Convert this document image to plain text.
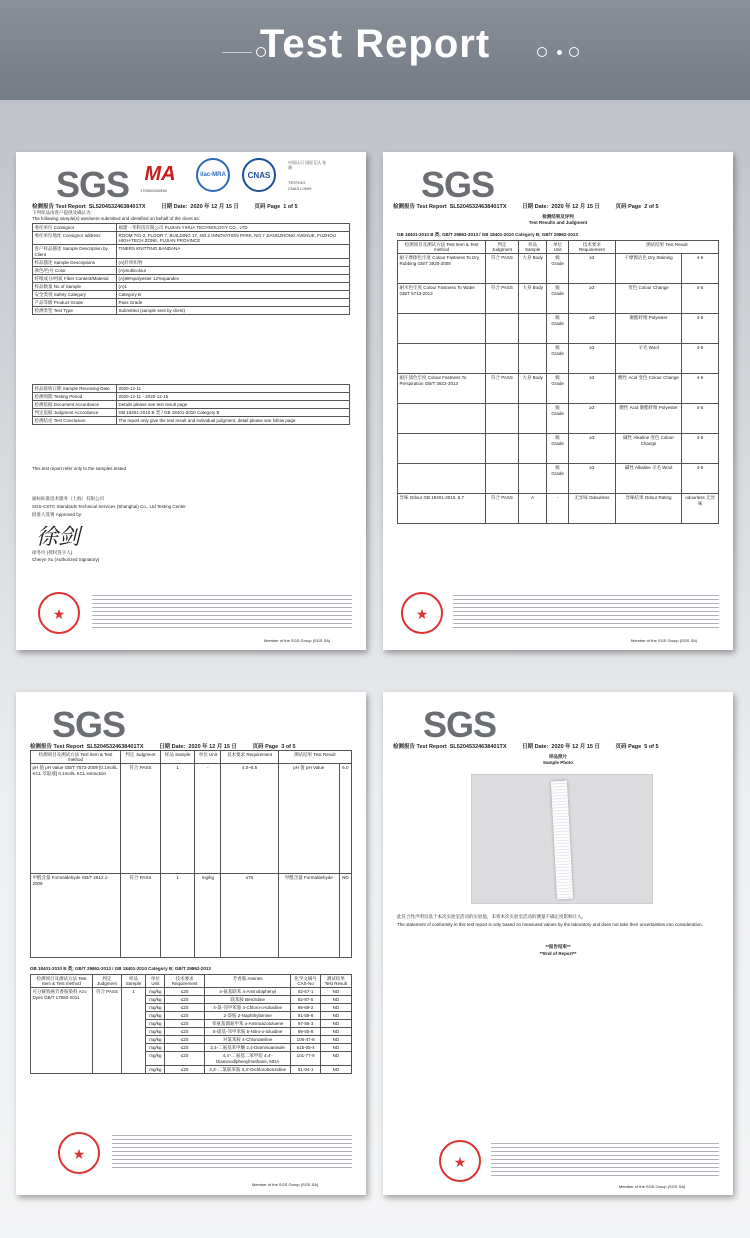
Test Report
SGS MA
170900340938
ilac-MRA	CNAS
中国认可 国际互认 检测
TESTING
CNAS L0599
检测报告 Test Report SL52045324638401TX	日期 Date: 2020 年 12 月 15 日	页码 Page 1 of 5
下列样品由客户提供及确认为:
The following sample(s) was/were submitted and identified on behalf of the client as:
委托单位 Consignor	福建一华科技有限公司 FUJIAN YIHUA TECHNOLOGY CO., LTD
委托单位地址 Consignor address	ROOM 701-2, FLOOR 7, BUILDING 17, NO.2 INNOVATION PARK, NO.7 JIANGZHONG AVENUE, FUZHOU HIGH-TECH ZONE, FUJIAN PROVINCE
客户样品描述 Sample Description by Client	TINERS KNITTING BANDANA
样品描述 Sample Descriptions	(A)针织织物
颜色/色号 Color	(A)multicolour
纤维成分/材质 Fiber Content/Material	(A)88%polyester 12%spandex
样品数量 No of Sample	(A)1
安全类别 Safety Category	Category B
产品等级 Product Grade	Pass Grade
检测类型 Test Type	Submitted (sample sent by client)
样品接收日期 Sample Receiving Date	2020-12-11
检测周期 Testing Period	2020-12-11 - 2020-12-15
检测依据 Document Accordance	Details please see test result page
判定依据 Judgment Accordance	GB 18401-2010 B 类 / GB 18401-2010 Category B
检测结论 Test Conclusion	The report only give the test result and individual judgment, detail please see follow page.
This test report refer only to the samples tested
通标标准技术服务（上海）有限公司
SGS-CSTC Standards Technical Services (Shanghai) Co., Ltd Testing Center
批准人签署 Approved by:
徐剑
徐冬玲 (授权签字人)
Cheryn Xu (Authorized Signatory)
★
Member of the SGS Group (SGS SA)
SGS
检测报告 Test Report SL52045324638401TX	日期 Date: 2020 年 12 月 15 日	页码 Page 2 of 5
检测结果及评判
Test Results and Judgment
GB 18401-2010 B 类; GB/T 29862-2013 / GB 18401-2010 Category B; GB/T 29862-2013
检测项目及测试方法 Test Item & Test method	判定 Judgment	样品 Sample	单位 Unit	技术要求 Requirement	测试结果 Test Result	
耐干摩擦色牢度 Colour Fastness To Dry Rubbing GB/T 3920-2008	符合 PASS	大身 Body	级 Grade	≥3	干摩擦沾色 Dry Staining	4-5
耐水色牢度 Colour Fastness To Water GB/T 5713-2013	符合 PASS	大身 Body	级 Grade	≥3	变色 Colour Change	4-5
			级 Grade	≥3	聚酯纤维 Polyester	4-5
			级 Grade	≥3	羊毛 Wool	4-5
耐汗渍色牢度 Colour Fastness To Perspiration GB/T 3922-2013	符合 PASS	大身 Body	级 Grade	≥3	酸性 Acid 变色 Colour Change	4-5
			级 Grade	≥3	酸性 Acid 聚酯纤维 Polyester	4-5
			级 Grade	≥3	碱性 Alkaline 变色 Colour Change	4-5
			级 Grade	≥3	碱性 Alkaline 羊毛 Wool	4-5
异味 Odour GB 18401-2010, 6.7	符合 PASS	A	-	无异味 Odourless	异味结果 Odour Rating	odourless 无异味
★
Member of the SGS Group (SGS SA)
SGS
检测报告 Test Report SL52045324638401TX	日期 Date: 2020 年 12 月 15 日	页码 Page 3 of 5
检测项目及测试方法 Test Item & Test method	判定 Judgment	样品 Sample	单位 Unit	技术要求 Requirement	测试结果 Test Result	
pH 值 pH Value GB/T 7573-2009 [0.1mol/L KCL 萃取液] 0.1mol/L KCL extraction	符合 PASS	1	-	4.0~8.5	pH 值 pH Value	6.0
甲醛含量 Formaldehyde GB/T 2912.1-2009	符合 PASS	1	mg/kg	≤75	甲醛含量 Formaldehyde	ND
GB 18401-2010 B 类; GB/T 29862-2013 / GB 18401-2010 Category B; GB/T 29862-2013
检测项目及测试方法 Test Item & Test method	判定 Judgment	样品 Sample	单位 Unit	技术要求 Requirement	芳香胺 Amines	化学文摘号 CAS-No	测试结果 Test Result
可分解致癌芳香胺染料 Azo Dyes GB/T 17592-2011	符合 PASS	1	mg/kg	≤20	4-氨基联苯 4-Aminobiphenyl	92-67-1	ND
			mg/kg	≤20	联苯胺 Benzidine	92-87-5	ND
			mg/kg	≤20	4-氯-邻甲苯胺 4-Chloro-o-toluidine	95-69-2	ND
			mg/kg	≤20	2-萘胺 2-Naphthylamine	91-59-8	ND
			mg/kg	≤20	邻氨基偶氮甲苯 o-Aminoazotoluene	97-56-3	ND
			mg/kg	≤20	5-硝基-邻甲苯胺 5-Nitro-o-toluidine	99-55-8	ND
			mg/kg	≤20	对氯苯胺 4-Chloroaniline	106-47-8	ND
			mg/kg	≤20	2,4-二氨基苯甲醚 2,4-Diaminoanisole	615-05-4	ND
			mg/kg	≤20	4,4'-二氨基二苯甲烷 4,4'-Diaminodiphenylmethane, MDA	101-77-9	ND
			mg/kg	≤20	3,3'-二氯联苯胺 3,3'-Dichlorobenzidine	91-94-1	ND
★
Member of the SGS Group (SGS SA)
SGS
检测报告 Test Report SL52045324638401TX	日期 Date: 2020 年 12 月 15 日	页码 Page 5 of 5
样品照片
Sample Photo
此符合性声明仅基于本次实验室活动的实验值，未将本次实验室活动的测量不确定度影响计入。
The statement of conformity in this test report is only based on measured values by the laboratory and does not take their uncertainties into consideration.
**报告结束**
**End of Report**
★
Member of the SGS Group (SGS SA)
